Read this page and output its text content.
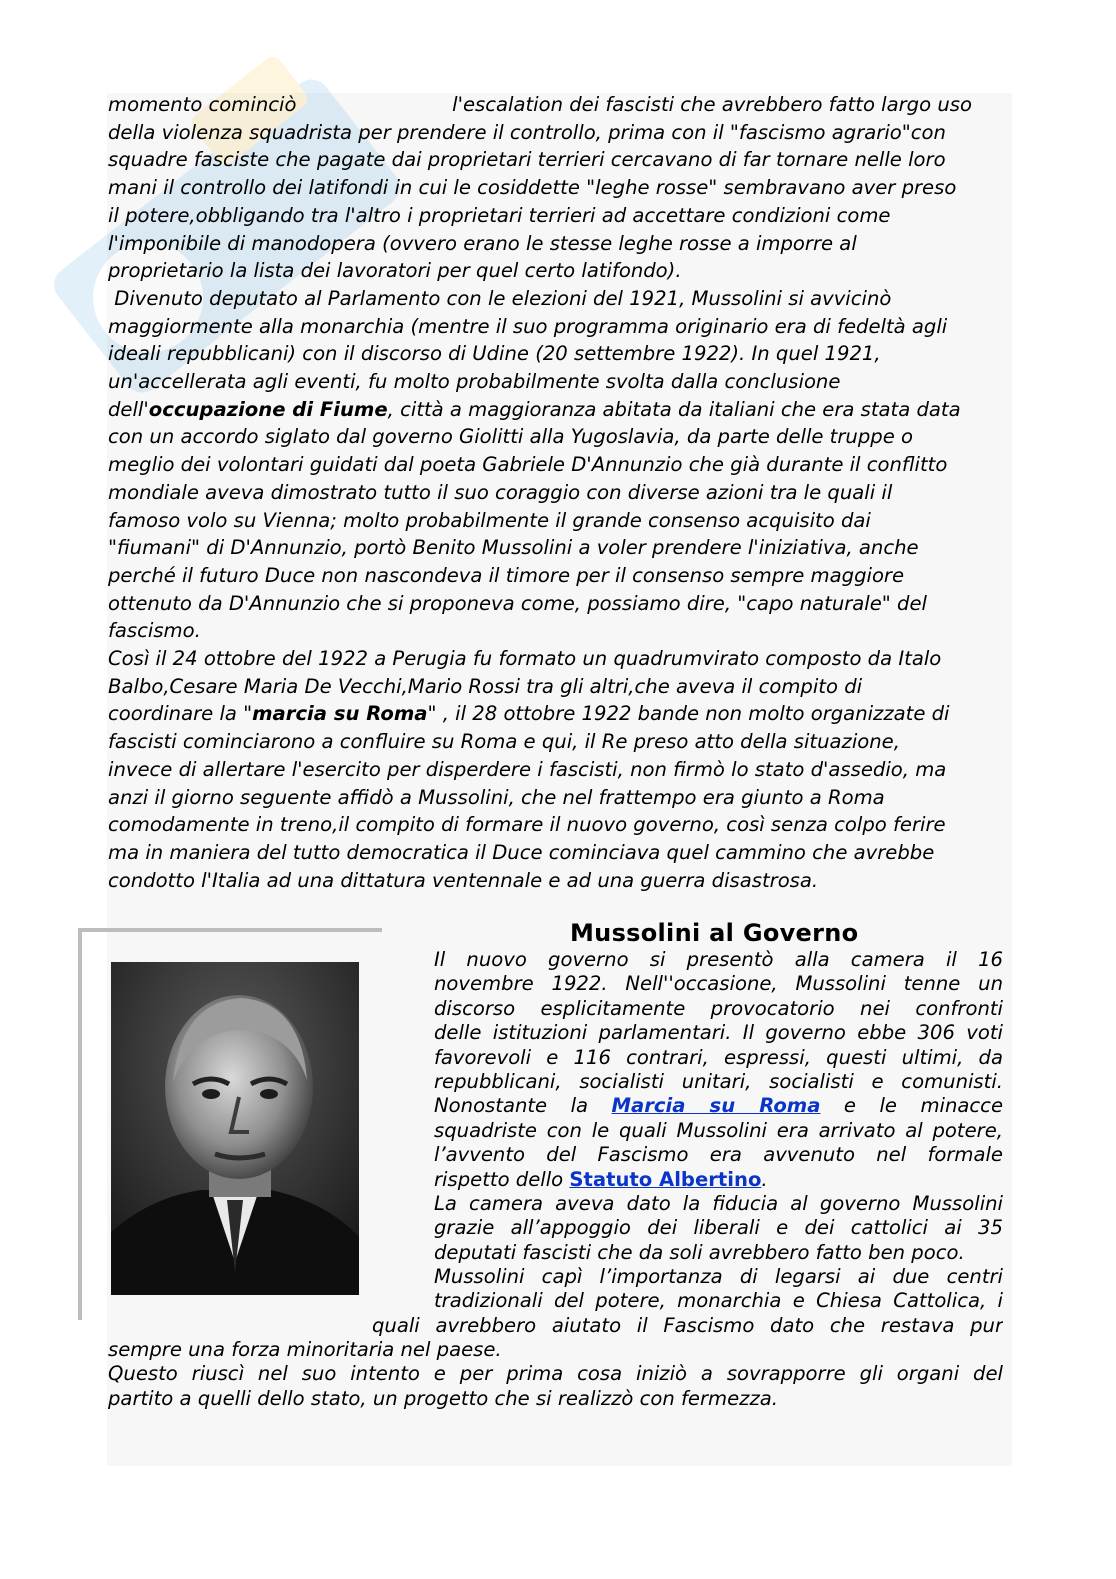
momento cominciò                         l'escalation dei fascisti che avrebbero fatto largo uso
della violenza squadrista per prendere il controllo, prima con il "fascismo agrario"con
squadre fasciste che pagate dai proprietari terrieri cercavano di far tornare nelle loro
mani il controllo dei latifondi in cui le cosiddette "leghe rosse" sembravano aver preso
il potere,obbligando tra l'altro i proprietari terrieri ad accettare condizioni come
l'imponibile di manodopera (ovvero erano le stesse leghe rosse a imporre al
proprietario la lista dei lavoratori per quel certo latifondo).
Divenuto deputato al Parlamento con le elezioni del 1921, Mussolini si avvicinò
maggiormente alla monarchia (mentre il suo programma originario era di fedeltà agli
ideali repubblicani) con il discorso di Udine (20 settembre 1922). In quel 1921,
un'accellerata agli eventi, fu molto probabilmente svolta dalla conclusione
dell'occupazione di Fiume, città a maggioranza abitata da italiani che era stata data
con un accordo siglato dal governo Giolitti alla Yugoslavia, da parte delle truppe o
meglio dei volontari guidati dal poeta Gabriele D'Annunzio che già durante il conflitto
mondiale aveva dimostrato tutto il suo coraggio con diverse azioni tra le quali il
famoso volo su Vienna; molto probabilmente il grande consenso acquisito dai
"fiumani" di D'Annunzio, portò Benito Mussolini a voler prendere l'iniziativa, anche
perché il futuro Duce non nascondeva il timore per il consenso sempre maggiore
ottenuto da D'Annunzio che si proponeva come, possiamo dire, "capo naturale" del
fascismo.
Così il 24 ottobre del 1922 a Perugia fu formato un quadrumvirato composto da Italo
Balbo,Cesare Maria De Vecchi,Mario Rossi tra gli altri,che aveva il compito di
coordinare la "marcia su Roma" , il 28 ottobre 1922 bande non molto organizzate di
fascisti cominciarono a confluire su Roma e qui, il Re preso atto della situazione,
invece di allertare l'esercito per disperdere i fascisti, non firmò lo stato d'assedio, ma
anzi il giorno seguente affidò a Mussolini, che nel frattempo era giunto a Roma
comodamente in treno,il compito di formare il nuovo governo, così senza colpo ferire
ma in maniera del tutto democratica il Duce cominciava quel cammino che avrebbe
condotto l'Italia ad una dittatura ventennale e ad una guerra disastrosa.
Mussolini al Governo
Il nuovo governo si presentò alla camera il 16
novembre 1922. Nell''occasione, Mussolini tenne un
discorso esplicitamente provocatorio nei confronti
delle istituzioni parlamentari. Il governo ebbe 306 voti
favorevoli e 116 contrari, espressi, questi ultimi, da
repubblicani, socialisti unitari, socialisti e comunisti.
Nonostante la Marcia su Roma e le minacce
squadriste con le quali Mussolini era arrivato al potere,
l’avvento del Fascismo era avvenuto nel formale
rispetto dello Statuto Albertino.
La camera aveva dato la fiducia al governo Mussolini
grazie all’appoggio dei liberali e dei cattolici ai 35
deputati fascisti che da soli avrebbero fatto ben poco.
Mussolini capì l’importanza di legarsi ai due centri
tradizionali del potere, monarchia e Chiesa Cattolica, i
quali avrebbero aiutato il Fascismo dato che restava pur
sempre una forza minoritaria nel paese.
Questo riuscì nel suo intento e per prima cosa iniziò a sovrapporre gli organi del
partito a quelli dello stato, un progetto che si realizzò con fermezza.
